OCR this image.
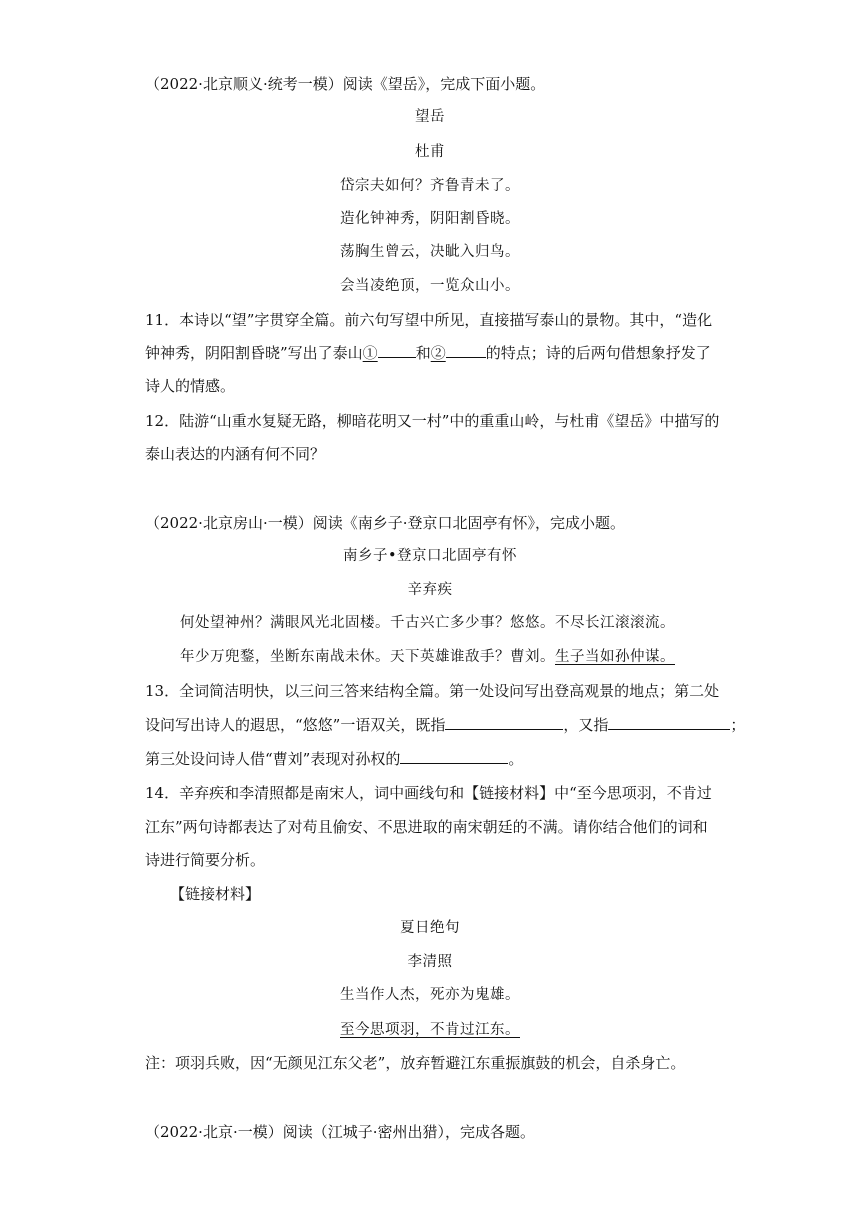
（2022·北京顺义·统考一模）阅读《望岳》，完成下面小题。
望岳
杜甫
岱宗夫如何？齐鲁青未了。
造化钟神秀，阴阳割昏晓。
荡胸生曾云，决眦入归鸟。
会当凌绝顶，一览众山小。
11．本诗以“望”字贯穿全篇。前六句写望中所见，直接描写泰山的景物。其中，“造化
钟神秀，阴阳割昏晓”写出了泰山①	和②	的特点；诗的后两句借想象抒发了
诗人的情感。
12．陆游“山重水复疑无路，柳暗花明又一村”中的重重山岭，与杜甫《望岳》中描写的
泰山表达的内涵有何不同？
（2022·北京房山·一模）阅读《南乡子·登京口北固亭有怀》，完成小题。
南乡子•登京口北固亭有怀
辛弃疾
何处望神州？满眼风光北固楼。千古兴亡多少事？悠悠。不尽长江滚滚流。
年少万兜鍪，坐断东南战未休。天下英雄谁敌手？曹刘。生子当如孙仲谋。
13．全词简洁明快，以三问三答来结构全篇。第一处设问写出登高观景的地点；第二处
设问写出诗人的遐思，“悠悠”一语双关，既指	，又指	；
第三处设问诗人借“曹刘”表现对孙权的	。
14．辛弃疾和李清照都是南宋人，词中画线句和【链接材料】中“至今思项羽，不肯过
江东”两句诗都表达了对苟且偷安、不思进取的南宋朝廷的不满。请你结合他们的词和
诗进行简要分析。
【链接材料】
夏日绝句
李清照
生当作人杰，死亦为鬼雄。
至今思项羽，不肯过江东。
注：项羽兵败，因“无颜见江东父老”，放弃暂避江东重振旗鼓的机会，自杀身亡。
（2022·北京·一模）阅读（江城子·密州出猎），完成各题。
